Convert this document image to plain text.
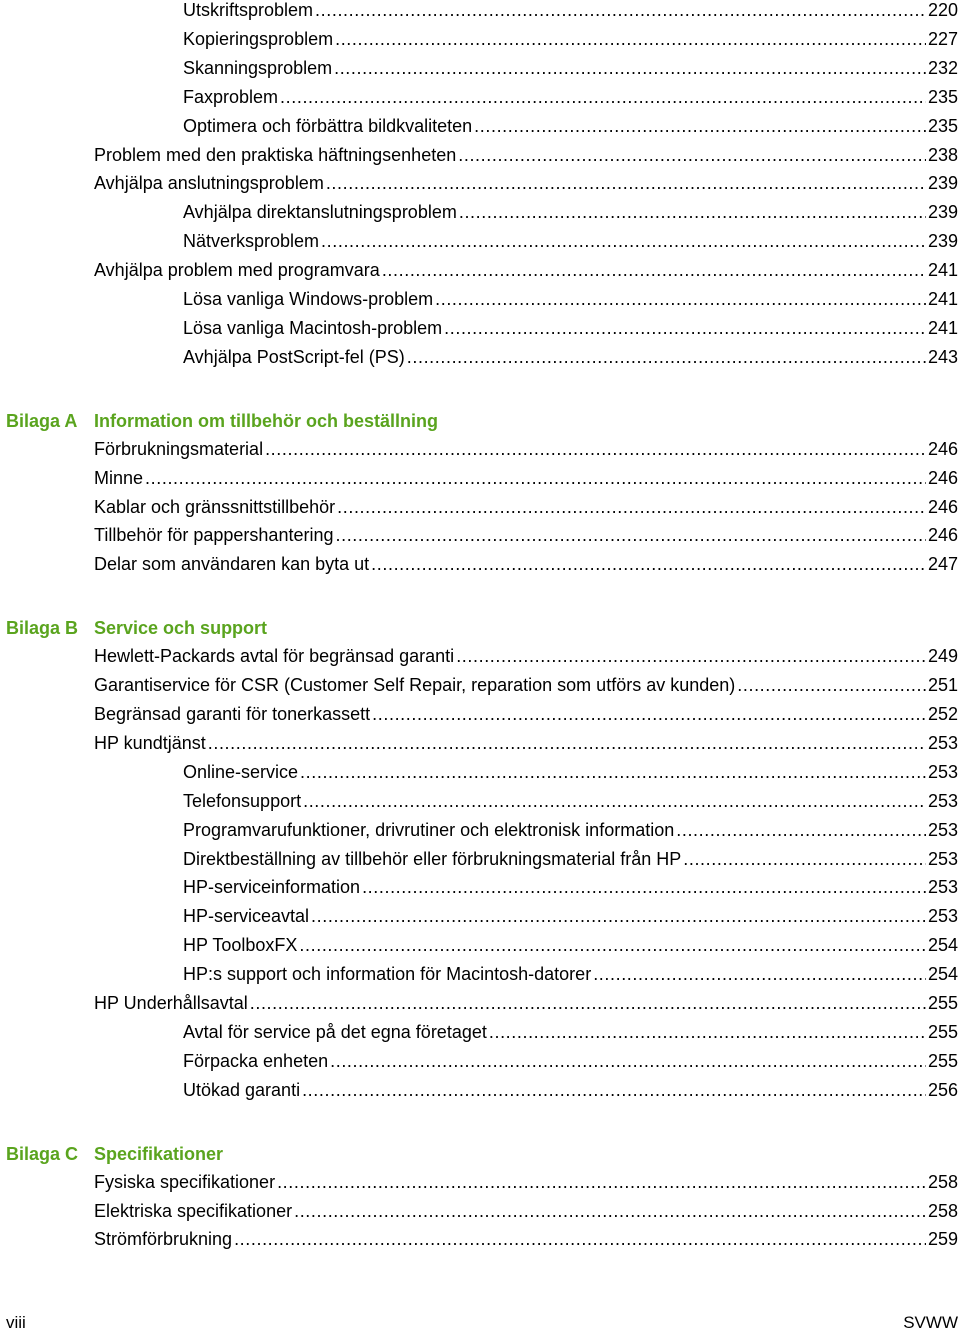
Utskriftsproblem . . .	220
Kopieringsproblem . . .	227
Skanningsproblem . . .	232
Faxproblem . . .	235
Optimera och förbättra bildkvaliteten . . .	235
Problem med den praktiska häftningsenheten . . .	238
Avhjälpa anslutningsproblem . . .	239
Avhjälpa direktanslutningsproblem . . .	239
Nätverksproblem . . .	239
Avhjälpa problem med programvara . . .	241
Lösa vanliga Windows-problem . . .	241
Lösa vanliga Macintosh-problem . . .	241
Avhjälpa PostScript-fel (PS) . . .	243
Bilaga A Information om tillbehör och beställning
Förbrukningsmaterial . . .	246
Minne . . .	246
Kablar och gränssnittstillbehör . . .	246
Tillbehör för pappershantering . . .	246
Delar som användaren kan byta ut . . .	247
Bilaga B Service och support
Hewlett-Packards avtal för begränsad garanti . . .	249
Garantiservice för CSR (Customer Self Repair, reparation som utförs av kunden) . . .	251
Begränsad garanti för tonerkassett . . .	252
HP kundtjänst . . .	253
Online-service . . .	253
Telefonsupport . . .	253
Programvarufunktioner, drivrutiner och elektronisk information . . .	253
Direktbeställning av tillbehör eller förbrukningsmaterial från HP . . .	253
HP-serviceinformation . . .	253
HP-serviceavtal . . .	253
HP ToolboxFX . . .	254
HP:s support och information för Macintosh-datorer . . .	254
HP Underhållsavtal . . .	255
Avtal för service på det egna företaget . . .	255
Förpacka enheten . . .	255
Utökad garanti . . .	256
Bilaga C Specifikationer
Fysiska specifikationer . . .	258
Elektriska specifikationer . . .	258
Strömförbrukning . . .	259
viii	SVWW
